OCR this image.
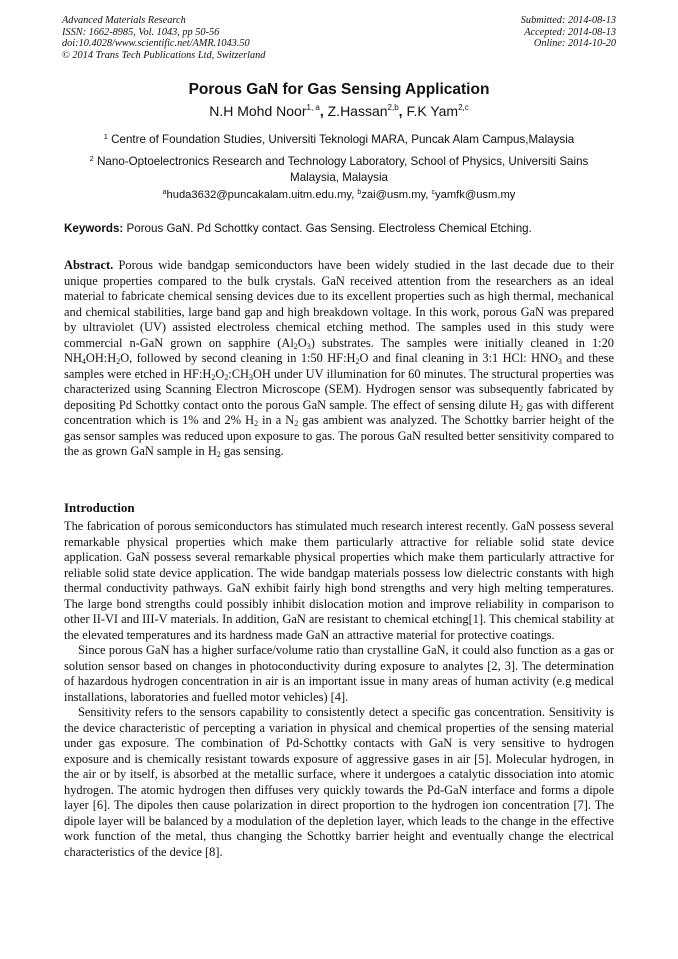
Advanced Materials Research
ISSN: 1662-8985, Vol. 1043, pp 50-56
doi:10.4028/www.scientific.net/AMR.1043.50
© 2014 Trans Tech Publications Ltd, Switzerland
Submitted: 2014-08-13
Accepted: 2014-08-13
Online: 2014-10-20
Porous GaN for Gas Sensing Application
N.H Mohd Noor$^{1, a}$, Z.Hassan$^{2,b}$, F.K Yam$^{2,c}$
$^1$ Centre of Foundation Studies, Universiti Teknologi MARA, Puncak Alam Campus,Malaysia
$^2$ Nano-Optoelectronics Research and Technology Laboratory, School of Physics, Universiti Sains Malaysia, Malaysia
$^a$huda3632@puncakalam.uitm.edu.my, $^b$zai@usm.my, $^c$yamfk@usm.my
Keywords: Porous GaN. Pd Schottky contact. Gas Sensing. Electroless Chemical Etching.
Abstract. Porous wide bandgap semiconductors have been widely studied in the last decade due to their unique properties compared to the bulk crystals. GaN received attention from the researchers as an ideal material to fabricate chemical sensing devices due to its excellent properties such as high thermal, mechanical and chemical stabilities, large band gap and high breakdown voltage. In this work, porous GaN was prepared by ultraviolet (UV) assisted electroless chemical etching method. The samples used in this study were commercial n-GaN grown on sapphire $(Al_2O_3)$ substrates. The samples were initially cleaned in 1:20 $NH_4OH:H_2O$, followed by second cleaning in 1:50 $HF:H_2O$ and final cleaning in 3:1 HCl: $HNO_3$ and these samples were etched in $HF:H_2O_2:CH_3OH$ under UV illumination for 60 minutes. The structural properties was characterized using Scanning Electron Microscope (SEM). Hydrogen sensor was subsequently fabricated by depositing Pd Schottky contact onto the porous GaN sample. The effect of sensing dilute $H_2$ gas with different concentration which is 1% and 2% $H_2$ in a $N_2$ gas ambient was analyzed. The Schottky barrier height of the gas sensor samples was reduced upon exposure to gas. The porous GaN resulted better sensitivity compared to the as grown GaN sample in $H_2$ gas sensing.
Introduction

The fabrication of porous semiconductors has stimulated much research interest recently. GaN possess several remarkable physical properties which make them particularly attractive for reliable solid state device application. GaN possess several remarkable physical properties which make them particularly attractive for reliable solid state device application. The wide bandgap materials possess low dielectric constants with high thermal conductivity pathways. GaN exhibit fairly high bond strengths and very high melting temperatures. The large bond strengths could possibly inhibit dislocation motion and improve reliability in comparison to other II-VI and III-V materials. In addition, GaN are resistant to chemical etching[1]. This chemical stability at the elevated temperatures and its hardness made GaN an attractive material for protective coatings.

Since porous GaN has a higher surface/volume ratio than crystalline GaN, it could also function as a gas or solution sensor based on changes in photoconductivity during exposure to analytes [2, 3]. The determination of hazardous hydrogen concentration in air is an important issue in many areas of human activity (e.g medical installations, laboratories and fuelled motor vehicles) [4].

Sensitivity refers to the sensors capability to consistently detect a specific gas concentration. Sensitivity is the device characteristic of percepting a variation in physical and chemical properties of the sensing material under gas exposure. The combination of Pd-Schottky contacts with GaN is very sensitive to hydrogen exposure and is chemically resistant towards exposure of aggressive gases in air [5]. Molecular hydrogen, in the air or by itself, is absorbed at the metallic surface, where it undergoes a catalytic dissociation into atomic hydrogen. The atomic hydrogen then diffuses very quickly towards the Pd-GaN interface and forms a dipole layer [6]. The dipoles then cause polarization in direct proportion to the hydrogen ion concentration [7]. The dipole layer will be balanced by a modulation of the depletion layer, which leads to the change in the effective work function of the metal, thus changing the Schottky barrier height and eventually change the electrical characteristics of the device [8].
